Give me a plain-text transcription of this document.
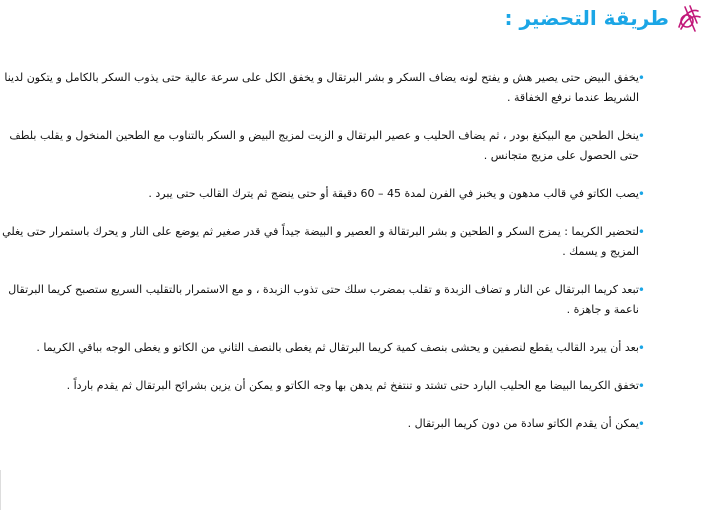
طريقة التحضير :
•
يخفق البيض حتى يصير هش و يفتح لونه يضاف السكر و بشر البرتقال و يخفق الكل على سرعة عالية حتى يذوب السكر بالكامل و يتكون لدينا الشريط عندما نرفع الخفاقة .
•
ينخل الطحين مع البيكنغ بودر ، ثم يضاف الحليب و عصير البرتقال و الزيت لمزيج البيض و السكر بالتناوب مع الطحين المنخول و يقلب بلطف حتى الحصول على مزيج متجانس .
•
يصب الكاتو في قالب مدهون و يخبز في الفرن لمدة 45 – 60 دقيقة أو حتى ينضج ثم يترك القالب حتى يبرد .
•
لتحضير الكريما : يمزج السكر و الطحين و بشر البرتقالة و العصير و البيضة جيداً في قدر صغير ثم يوضع على النار و يحرك باستمرار حتى يغلي المزيج و يسمك .
•
تبعد كريما البرتقال عن النار و تضاف الزبدة و تقلب بمضرب سلك حتى تذوب الزبدة ، و مع الاستمرار بالتقليب السريع ستصبح كريما البرتقال ناعمة و جاهزة .
•
بعد أن يبرد القالب يقطع لنصفين و يحشى بنصف كمية كريما البرتقال ثم يغطى بالنصف الثاني من الكاتو و يغطى الوجه بباقي الكريما .
•
تخفق الكريما البيضا مع الحليب البارد حتى تشتد و تنتفخ ثم يدهن بها وجه الكاتو و يمكن أن يزين بشرائح البرتقال ثم يقدم بارداً .
•
يمكن أن يقدم الكاتو سادة من دون كريما البرتقال .
